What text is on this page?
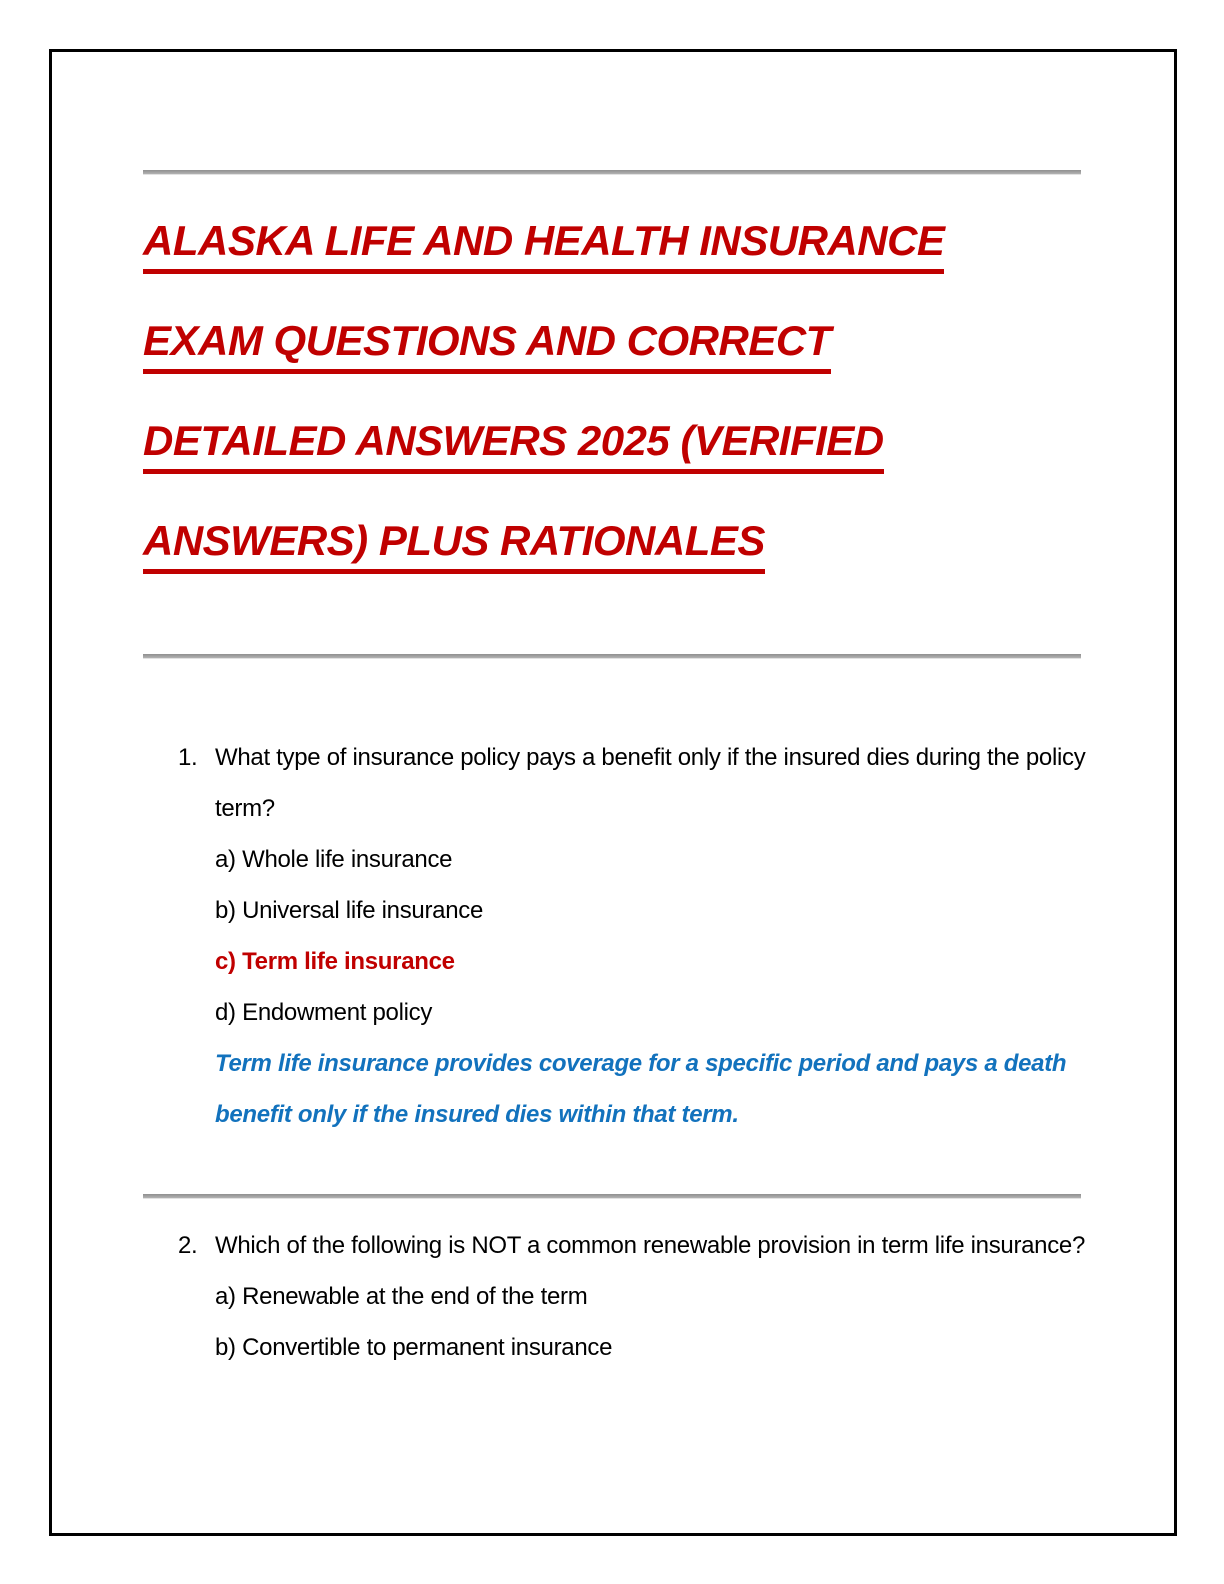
ALASKA LIFE AND HEALTH INSURANCE
EXAM QUESTIONS AND CORRECT
DETAILED ANSWERS 2025 (VERIFIED
ANSWERS) PLUS RATIONALES
1. What type of insurance policy pays a benefit only if the insured dies during the policy term?

a) Whole life insurance

b) Universal life insurance

c) Term life insurance

d) Endowment policy

Term life insurance provides coverage for a specific period and pays a death benefit only if the insured dies within that term.

2. Which of the following is NOT a common renewable provision in term life insurance?

a) Renewable at the end of the term

b) Convertible to permanent insurance
